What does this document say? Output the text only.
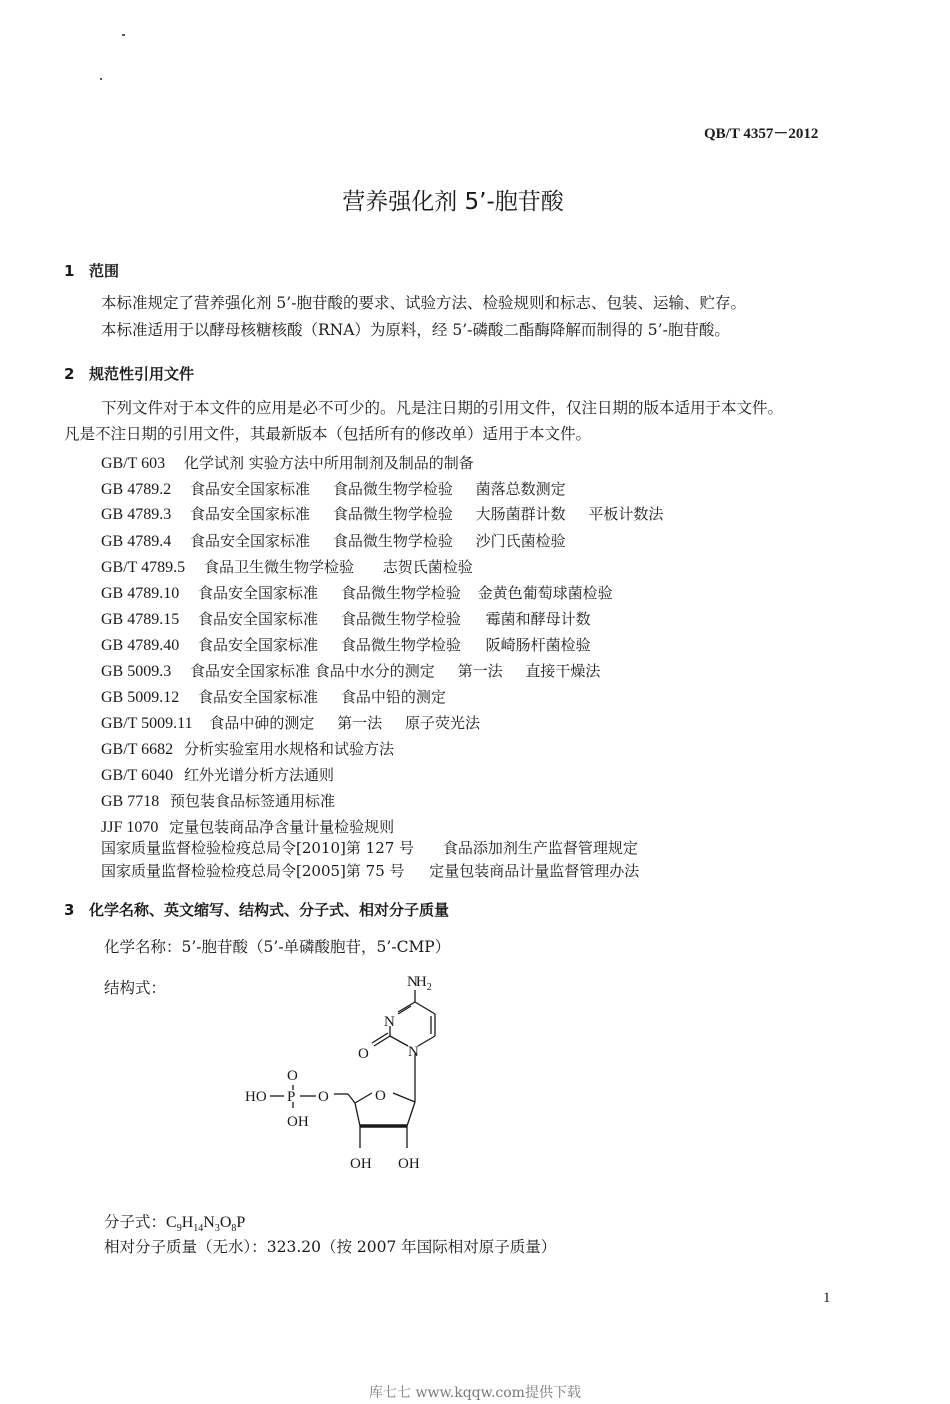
QB/T 4357－2012
营养强化剂 5’-胞苷酸
1 范围
本标准规定了营养强化剂 5’-胞苷酸的要求、试验方法、检验规则和标志、包装、运输、贮存。
本标准适用于以酵母核糖核酸（RNA）为原料，经 5’-磷酸二酯酶降解而制得的 5’-胞苷酸。
2 规范性引用文件
下列文件对于本文件的应用是必不可少的。凡是注日期的引用文件，仅注日期的版本适用于本文件。
凡是不注日期的引用文件，其最新版本（包括所有的修改单）适用于本文件。
GB/T 603 化学试剂 实验方法中所用制剂及制品的制备
GB 4789.2 食品安全国家标准 食品微生物学检验 菌落总数测定
GB 4789.3 食品安全国家标准 食品微生物学检验 大肠菌群计数 平板计数法
GB 4789.4 食品安全国家标准 食品微生物学检验 沙门氏菌检验
GB/T 4789.5 食品卫生微生物学检验 志贺氏菌检验
GB 4789.10 食品安全国家标准 食品微生物学检验 金黄色葡萄球菌检验
GB 4789.15 食品安全国家标准 食品微生物学检验 霉菌和酵母计数
GB 4789.40 食品安全国家标准 食品微生物学检验 阪崎肠杆菌检验
GB 5009.3 食品安全国家标准 食品中水分的测定 第一法 直接干燥法
GB 5009.12 食品安全国家标准 食品中铅的测定
GB/T 5009.11 食品中砷的测定 第一法 原子荧光法
GB/T 6682 分析实验室用水规格和试验方法
GB/T 6040 红外光谱分析方法通则
GB 7718 预包装食品标签通用标准
JJF 1070 定量包装商品净含量计量检验规则
国家质量监督检验检疫总局令[2010]第 127 号 食品添加剂生产监督管理规定
国家质量监督检验检疫总局令[2005]第 75 号 定量包装商品计量监督管理办法
3 化学名称、英文缩写、结构式、分子式、相对分子质量
化学名称：5’-胞苷酸（5’-单磷酸胞苷，5’-CMP）
结构式：	$NH_2$
N
N
O
HO P
O
OH
O	O
OH OH
分子式：$C_9H_{14}N_3O_8P$
相对分子质量（无水）：323.20（按 2007 年国际相对原子质量）
1
库七七 www.kqqw.com提供下载
